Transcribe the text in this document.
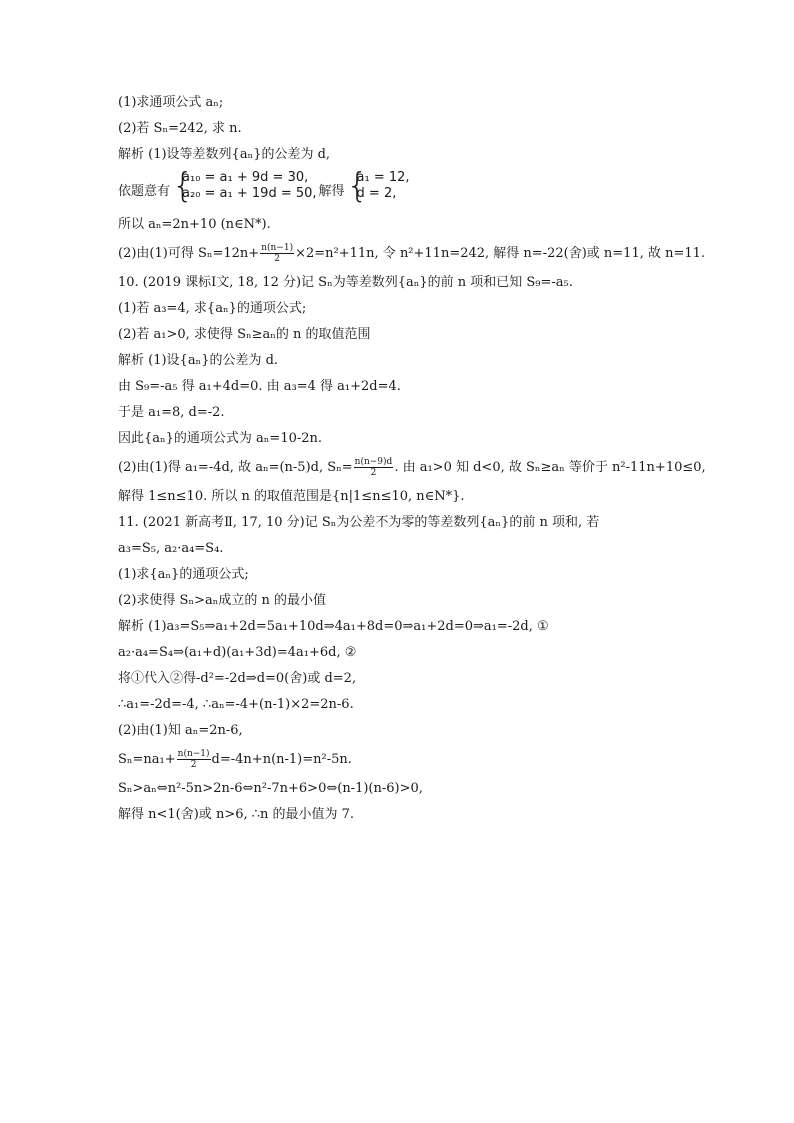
(1)求通项公式 aₙ;
(2)若 Sₙ=242, 求 n.
解析 (1)设等差数列{aₙ}的公差为 d,
依题意有 {
a₁₀ = a₁ + 9d = 30,
a₂₀ = a₁ + 19d = 50, 解得 {
a₁ = 12,
d = 2,
所以 aₙ=2n+10 (n∈N*).
(2)由(1)可得 $S_n=12n+ \frac{n(n-1)}{2} \times 2=n^2+11n$, 令 n²+11n=242, 解得 n=-22(舍)或 n=11, 故 n=11.
10. (2019 课标Ⅰ文, 18, 12 分)记 Sₙ为等差数列{aₙ}的前 n 项和已知 S₉=-a₅.
(1)若 a₃=4, 求{aₙ}的通项公式;
(2)若 a₁>0, 求使得 Sₙ≥aₙ的 n 的取值范围
解析 (1)设{aₙ}的公差为 d.
由 S₉=-a₅ 得 a₁+4d=0. 由 a₃=4 得 a₁+2d=4.
于是 a₁=8, d=-2.
因此{aₙ}的通项公式为 aₙ=10-2n.
(2)由(1)得 a₁=-4d, 故 aₙ=(n-5)d, $S_n= \frac{n(n-9)d}{2}$ . 由 a₁>0 知 d<0, 故 Sₙ≥aₙ 等价于 n²-11n+10≤0,
解得 1≤n≤10. 所以 n 的取值范围是{n|1≤n≤10, n∈N*}.
11. (2021 新高考Ⅱ, 17, 10 分)记 Sₙ为公差不为零的等差数列{aₙ}的前 n 项和, 若
a₃=S₅, a₂·a₄=S₄.
(1)求{aₙ}的通项公式;
(2)求使得 Sₙ>aₙ成立的 n 的最小值
解析 (1)a₃=S₅⇒a₁+2d=5a₁+10d⇒4a₁+8d=0⇒a₁+2d=0⇒a₁=-2d, ①
a₂·a₄=S₄⇒(a₁+d)(a₁+3d)=4a₁+6d, ②
将①代入②得-d²=-2d⇒d=0(舍)或 d=2,
∴a₁=-2d=-4, ∴aₙ=-4+(n-1)×2=2n-6.
(2)由(1)知 aₙ=2n-6,
$S_n=na_1+ \frac{n(n-1)}{2} d=-4n+n(n-1)=n^2-5n$.
Sₙ>aₙ⇔n²-5n>2n-6⇔n²-7n+6>0⇔(n-1)(n-6)>0,
解得 n<1(舍)或 n>6, ∴n 的最小值为 7.
